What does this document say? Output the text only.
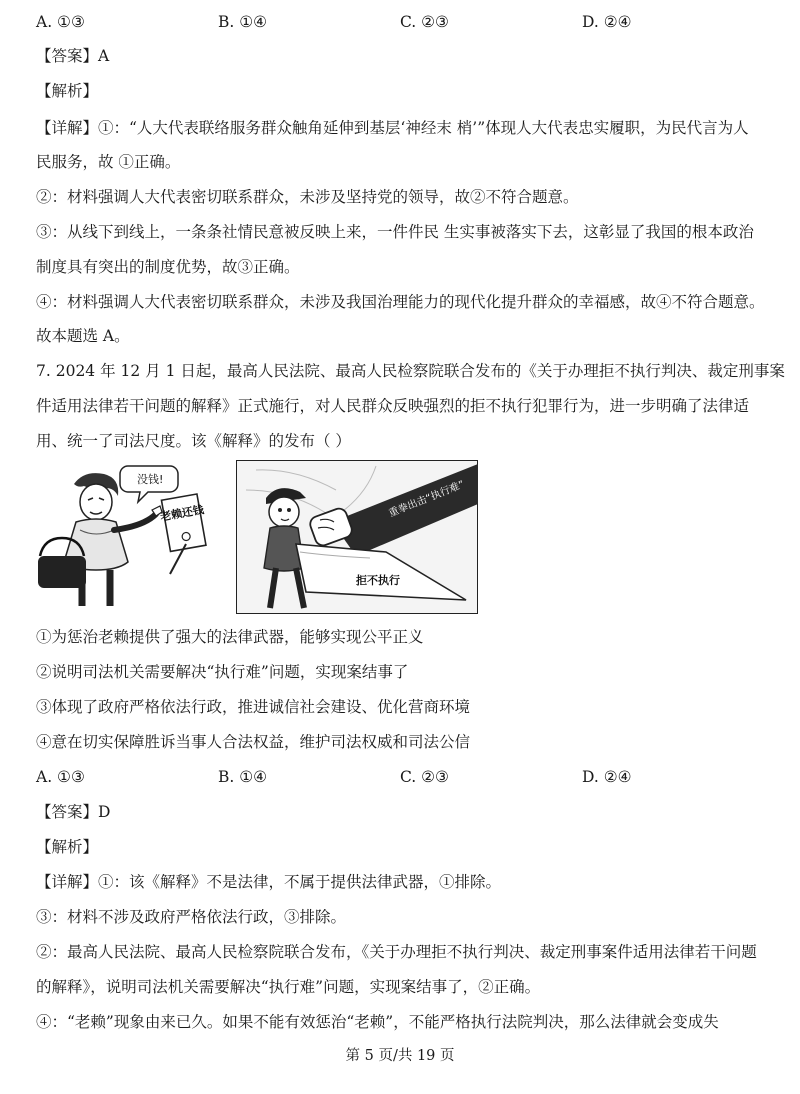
A. ①③	B. ①④	C. ②③	D. ②④
【答案】A
【解析】
【详解】①：“人大代表联络服务群众触角延伸到基层‘神经末 梢’”体现人大代表忠实履职，为民代言为人
民服务，故 ①正确。
②：材料强调人大代表密切联系群众，未涉及坚持党的领导，故②不符合题意。
③：从线下到线上，一条条社情民意被反映上来，一件件民 生实事被落实下去，这彰显了我国的根本政治
制度具有突出的制度优势，故③正确。
④：材料强调人大代表密切联系群众，未涉及我国治理能力的现代化提升群众的幸福感，故④不符合题意。
故本题选 A。
7. 2024 年 12 月 1 日起，最高人民法院、最高人民检察院联合发布的《关于办理拒不执行判决、裁定刑事案
件适用法律若干问题的解释》正式施行，对人民群众反映强烈的拒不执行犯罪行为，进一步明确了法律适
用、统一了司法尺度。该《解释》的发布（ ）
没钱!
老赖还钱	重拳出击“执行难”
拒不执行
①为惩治老赖提供了强大的法律武器，能够实现公平正义
②说明司法机关需要解决“执行难”问题，实现案结事了
③体现了政府严格依法行政，推进诚信社会建设、优化营商环境
④意在切实保障胜诉当事人合法权益，维护司法权威和司法公信
A. ①③	B. ①④	C. ②③	D. ②④
【答案】D
【解析】
【详解】①：该《解释》不是法律，不属于提供法律武器，①排除。
③：材料不涉及政府严格依法行政，③排除。
②：最高人民法院、最高人民检察院联合发布，《关于办理拒不执行判决、裁定刑事案件适用法律若干问题
的解释》，说明司法机关需要解决“执行难”问题，实现案结事了，②正确。
④：“老赖”现象由来已久。如果不能有效惩治“老赖”，不能严格执行法院判决，那么法律就会变成失
第 5 页/共 19 页
